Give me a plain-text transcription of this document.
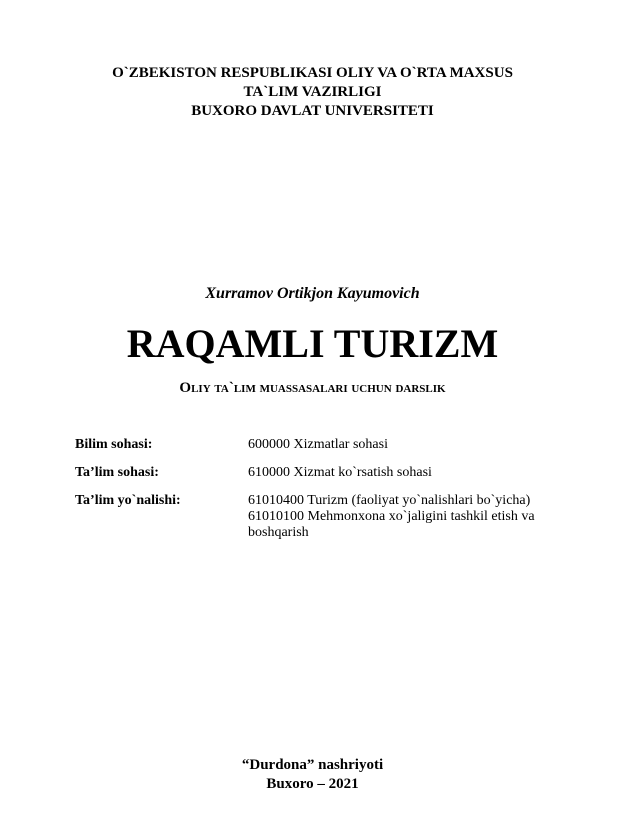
O`ZBEKISTON RESPUBLIKASI OLIY VA O`RTA MAXSUS
TA`LIM VAZIRLIGI
BUXORO DAVLAT UNIVERSITETI
Xurramov Ortikjon Kayumovich
RAQAMLI TURIZM
Oliy ta`lim muassasalari uchun darslik
Bilim sohasi:	600000 Xizmatlar sohasi
Ta’lim sohasi:	610000 Xizmat ko`rsatish sohasi
Ta’lim yo`nalishi:	61010400 Turizm (faoliyat yo`nalishlari bo`yicha)
61010100 Mehmonxona xo`jaligini tashkil etish va
boshqarish
“Durdona” nashriyoti
Buxoro – 2021
